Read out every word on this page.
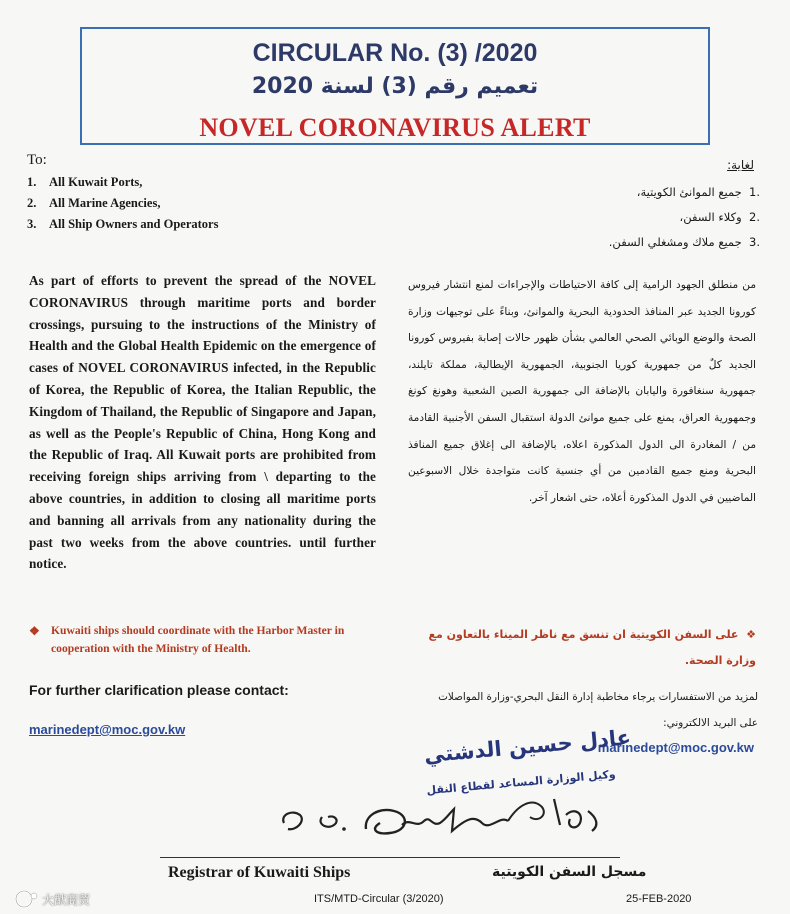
CIRCULAR No. (3) /2020
تعميم رقم (3) لسنة 2020
NOVEL CORONAVIRUS ALERT
To:
1. All Kuwait Ports,
2. All Marine Agencies,
3. All Ship Owners and Operators
لغاية:
.1  جميع الموانئ الكويتية،
.2  وكلاء السفن،
.3  جميع ملاك ومشغلي السفن.
As part of efforts to prevent the spread of the NOVEL CORONAVIRUS through maritime ports and border crossings, pursuing to the instructions of the Ministry of Health and the Global Health Epidemic on the emergence of cases of NOVEL CORONAVIRUS infected, in the Republic of Korea, the Republic of Korea, the Italian Republic, the Kingdom of Thailand, the Republic of Singapore and Japan, as well as the People's Republic of China, Hong Kong and the Republic of Iraq. All Kuwait ports are prohibited from receiving foreign ships arriving from \ departing to the above countries, in addition to closing all maritime ports and banning all arrivals from any nationality during the past two weeks from the above countries. until further notice.
من منطلق الجهود الرامية إلى كافة الاحتياطات والإجراءات لمنع انتشار فيروس كورونا الجديد عبر المنافذ الحدودية البحرية والموانئ، وبناءً على توجيهات وزارة الصحة والوضع الوبائي الصحي العالمي بشأن ظهور حالات إصابة بفيروس كورونا الجديد كلٌ من جمهورية كوريا الجنوبية، الجمهورية الإيطالية، مملكة تايلند، جمهورية سنغافورة واليابان بالإضافة الى جمهورية الصين الشعبية وهونغ كونغ وجمهورية العراق، يمنع على جميع موانئ الدولة استقبال السفن الأجنبية القادمة من / المغادرة الى الدول المذكورة اعلاه، بالإضافة الى إغلاق جميع المنافذ البحرية ومنع جميع القادمين من أي جنسية كانت متواجدة خلال الاسبوعين الماضيين في الدول المذكورة أعلاه، حتى اشعار آخر.
❖ Kuwaiti ships should coordinate with the Harbor Master in cooperation with the Ministry of Health.
❖  على السفن الكويتية ان تنسق مع ناظر الميناء بالتعاون مع وزارة الصحة.
For further clarification please contact:
marinedept@moc.gov.kw
لمزيد من الاستفسارات يرجاء مخاطبة إدارة النقل البحري-وزارة المواصلات على البريد الالكتروني:
marinedept@moc.gov.kw
عادل حسين الدشتي
وكيل الوزارة المساعد لقطاع النقل
Registrar of Kuwaiti Ships	مسجل السفن الكويتية
ITS/MTD-Circular (3/2020)	25-FEB-2020
大猷商贸
